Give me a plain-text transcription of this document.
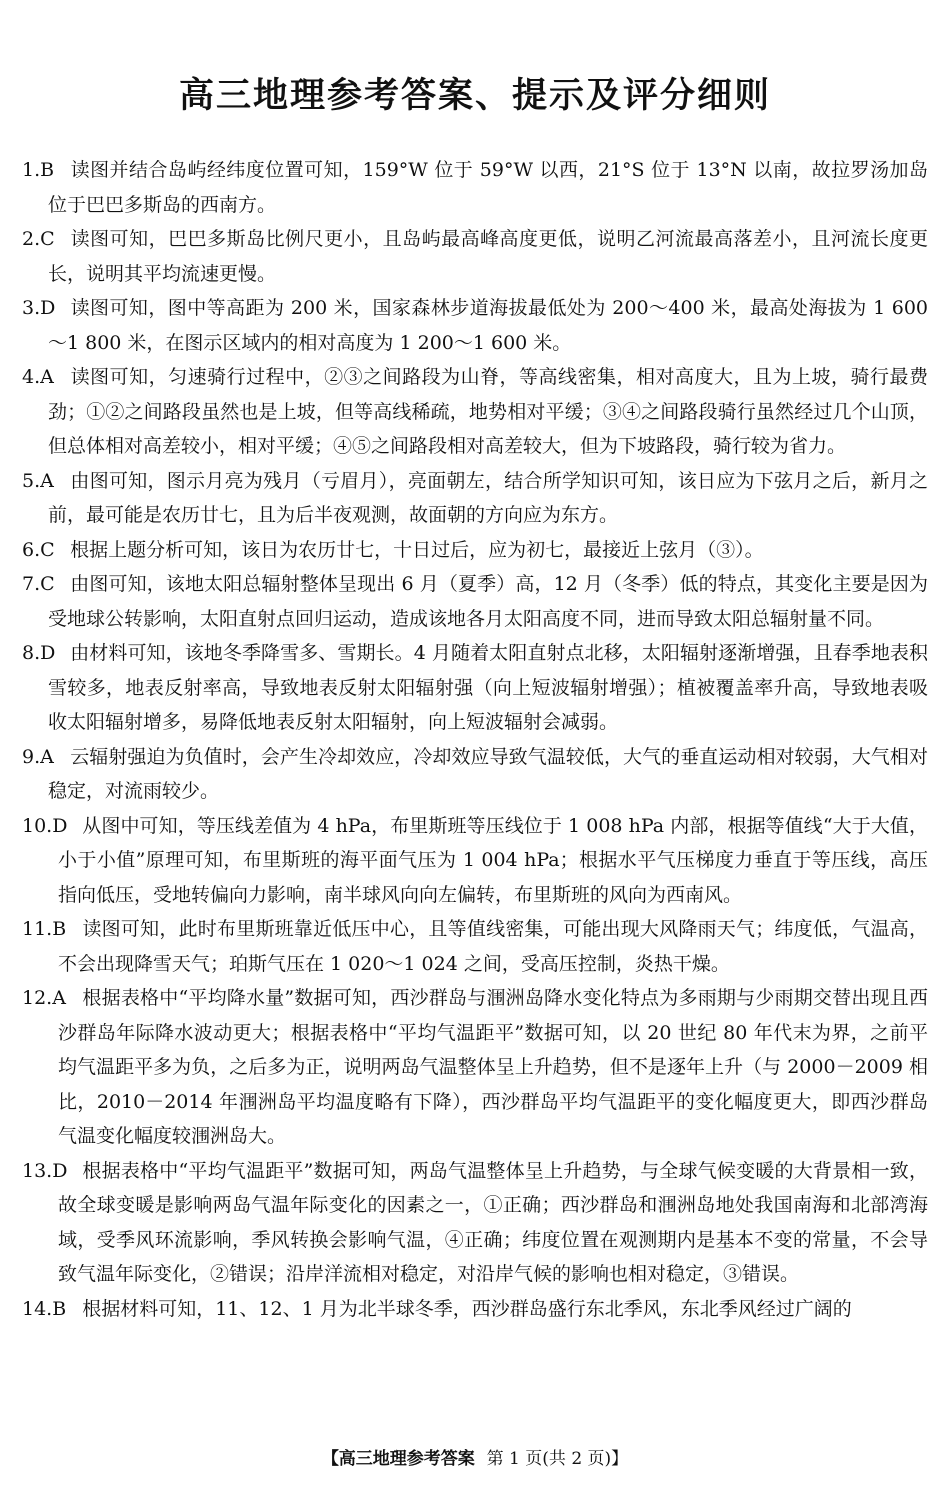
高三地理参考答案、提示及评分细则
1.B 读图并结合岛屿经纬度位置可知，159°W 位于 59°W 以西，21°S 位于 13°N 以南，故拉罗汤加岛位于巴巴多斯岛的西南方。
2.C 读图可知，巴巴多斯岛比例尺更小，且岛屿最高峰高度更低，说明乙河流最高落差小，且河流长度更长，说明其平均流速更慢。
3.D 读图可知，图中等高距为 200 米，国家森林步道海拔最低处为 200～400 米，最高处海拔为 1 600～1 800 米，在图示区域内的相对高度为 1 200～1 600 米。
4.A 读图可知，匀速骑行过程中，②③之间路段为山脊，等高线密集，相对高度大，且为上坡，骑行最费劲；①②之间路段虽然也是上坡，但等高线稀疏，地势相对平缓；③④之间路段骑行虽然经过几个山顶，但总体相对高差较小，相对平缓；④⑤之间路段相对高差较大，但为下坡路段，骑行较为省力。
5.A 由图可知，图示月亮为残月（亏眉月），亮面朝左，结合所学知识可知，该日应为下弦月之后，新月之前，最可能是农历廿七，且为后半夜观测，故面朝的方向应为东方。
6.C 根据上题分析可知，该日为农历廿七，十日过后，应为初七，最接近上弦月（③）。
7.C 由图可知，该地太阳总辐射整体呈现出 6 月（夏季）高，12 月（冬季）低的特点，其变化主要是因为受地球公转影响，太阳直射点回归运动，造成该地各月太阳高度不同，进而导致太阳总辐射量不同。
8.D 由材料可知，该地冬季降雪多、雪期长。4 月随着太阳直射点北移，太阳辐射逐渐增强，且春季地表积雪较多，地表反射率高，导致地表反射太阳辐射强（向上短波辐射增强）；植被覆盖率升高，导致地表吸收太阳辐射增多，易降低地表反射太阳辐射，向上短波辐射会减弱。
9.A 云辐射强迫为负值时，会产生冷却效应，冷却效应导致气温较低，大气的垂直运动相对较弱，大气相对稳定，对流雨较少。
10.D 从图中可知，等压线差值为 4 hPa，布里斯班等压线位于 1 008 hPa 内部，根据等值线“大于大值，小于小值”原理可知，布里斯班的海平面气压为 1 004 hPa；根据水平气压梯度力垂直于等压线，高压指向低压，受地转偏向力影响，南半球风向向左偏转，布里斯班的风向为西南风。
11.B 读图可知，此时布里斯班靠近低压中心，且等值线密集，可能出现大风降雨天气；纬度低，气温高，不会出现降雪天气；珀斯气压在 1 020～1 024 之间，受高压控制，炎热干燥。
12.A 根据表格中“平均降水量”数据可知，西沙群岛与涠洲岛降水变化特点为多雨期与少雨期交替出现且西沙群岛年际降水波动更大；根据表格中“平均气温距平”数据可知，以 20 世纪 80 年代末为界，之前平均气温距平多为负，之后多为正，说明两岛气温整体呈上升趋势，但不是逐年上升（与 2000－2009 相比，2010－2014 年涠洲岛平均温度略有下降），西沙群岛平均气温距平的变化幅度更大，即西沙群岛气温变化幅度较涠洲岛大。
13.D 根据表格中“平均气温距平”数据可知，两岛气温整体呈上升趋势，与全球气候变暖的大背景相一致，故全球变暖是影响两岛气温年际变化的因素之一，①正确；西沙群岛和涠洲岛地处我国南海和北部湾海域，受季风环流影响，季风转换会影响气温，④正确；纬度位置在观测期内是基本不变的常量，不会导致气温年际变化，②错误；沿岸洋流相对稳定，对沿岸气候的影响也相对稳定，③错误。
14.B 根据材料可知，11、12、1 月为北半球冬季，西沙群岛盛行东北季风，东北季风经过广阔的
【高三地理参考答案 第 1 页(共 2 页)】
